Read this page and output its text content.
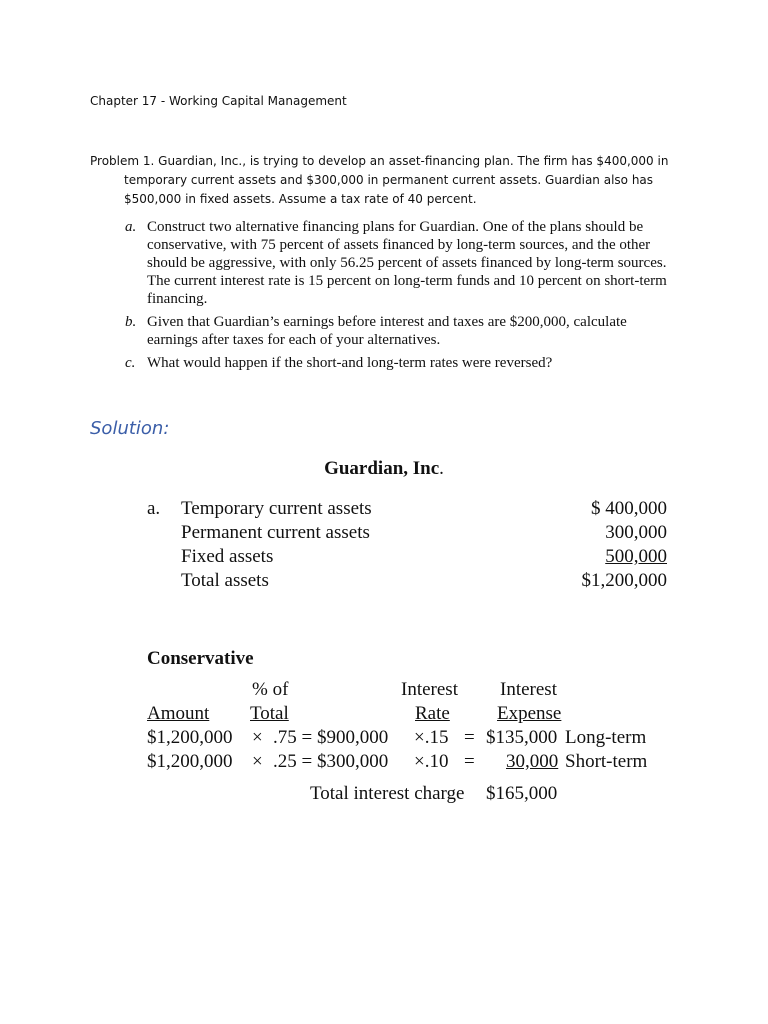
Chapter 17 - Working Capital Management

Problem 1. Guardian, Inc., is trying to develop an asset-financing plan. The firm has $400,000 in temporary current assets and $300,000 in permanent current assets. Guardian also has $500,000 in fixed assets. Assume a tax rate of 40 percent.

a. Construct two alternative financing plans for Guardian. One of the plans should be conservative, with 75 percent of assets financed by long-term sources, and the other should be aggressive, with only 56.25 percent of assets financed by long-term sources. The current interest rate is 15 percent on long-term funds and 10 percent on short-term financing.
b. Given that Guardian’s earnings before interest and taxes are $200,000, calculate earnings after taxes for each of your alternatives.
c. What would happen if the short-and long-term rates were reversed?
Solution:
Guardian, Inc.
a. Temporary current assets	$ 400,000
Permanent current assets	300,000
Fixed assets	500,000
Total assets	$1,200,000
Conservative
% of	Interest Interest
Amount Total	Rate Expense
$1,200,000 × .75 = $900,000 ×.15 = $135,000 Long-term
$1,200,000 × .25 = $300,000 ×.10 =	30,000 Short-term
Total interest charge $165,000
